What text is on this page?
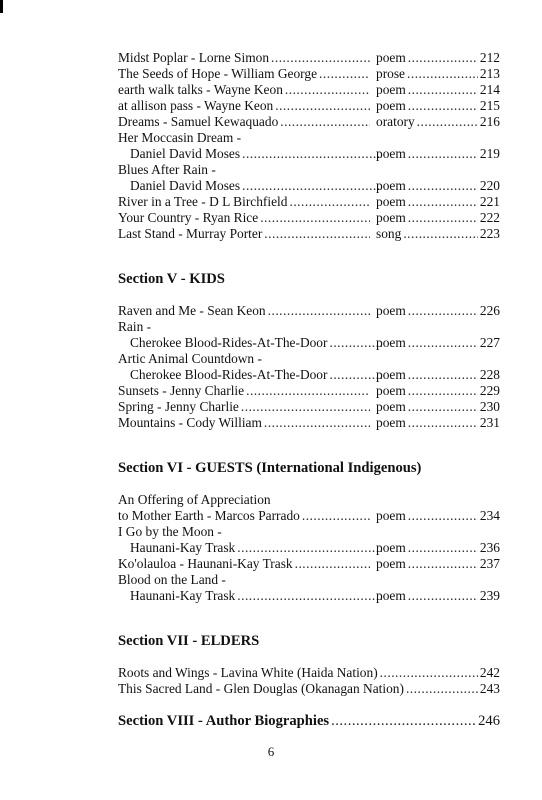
Midst Poplar - Lorne Simon .....	poem .....	212
The Seeds of Hope - William George .....	prose .....	213
earth walk talks - Wayne Keon .....	poem .....	214
at allison pass - Wayne Keon .....	poem .....	215
Dreams - Samuel Kewaquado .....	oratory .....	216
Her Moccasin Dream -
Daniel David Moses .....	poem .....	219
Blues After Rain -
Daniel David Moses .....	poem .....	220
River in a Tree - D L Birchfield .....	poem .....	221
Your Country - Ryan Rice .....	poem .....	222
Last Stand - Murray Porter .....	song .....	223
Section V - KIDS
Raven and Me - Sean Keon .....	poem .....	226
Rain -
Cherokee Blood-Rides-At-The-Door .....	poem .....	227
Artic Animal Countdown -
Cherokee Blood-Rides-At-The-Door .....	poem .....	228
Sunsets - Jenny Charlie .....	poem .....	229
Spring - Jenny Charlie .....	poem .....	230
Mountains - Cody William .....	poem .....	231
Section VI - GUESTS (International Indigenous)
An Offering of Appreciation
to Mother Earth - Marcos Parrado .....	poem .....	234
I Go by the Moon -
Haunani-Kay Trask .....	poem .....	236
Ko'olauloa - Haunani-Kay Trask .....	poem .....	237
Blood on the Land -
Haunani-Kay Trask .....	poem .....	239
Section VII - ELDERS
Roots and Wings - Lavina White (Haida Nation) .....	242
This Sacred Land - Glen Douglas (Okanagan Nation) .....	243
Section VIII - Author Biographies .....	246
6
